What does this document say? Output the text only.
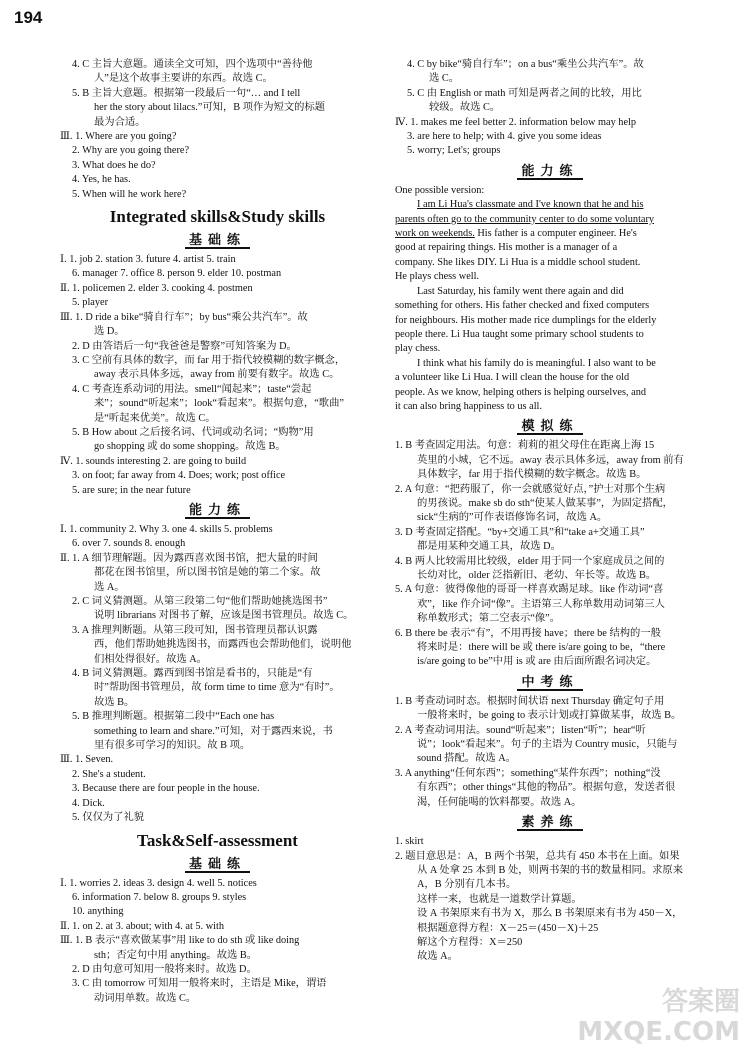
194
4. C 主旨大意题。通读全文可知，四个选项中“善待他
人”是这个故事主要讲的东西。故选 C。
5. B 主旨大意题。根据第一段最后一句“… and I tell
her the story about lilacs.”可知，B 项作为短文的标题
最为合适。
Ⅲ. 1. Where are you going?
2. Why are you going there?
3. What does he do?
4. Yes, he has.
5. When will he work here?
Integrated skills&Study skills
基础练
Ⅰ. 1. job 2. station 3. future 4. artist 5. train
6. manager 7. office 8. person 9. elder 10. postman
Ⅱ. 1. policemen 2. elder 3. cooking 4. postmen
5. player
Ⅲ. 1. D ride a bike“骑自行车”；by bus“乘公共汽车”。故
选 D。
2. D 由答语后一句“我爸爸是警察”可知答案为 D。
3. C 空前有具体的数字，而 far 用于指代较模糊的数字概念，
away 表示具体多远，away from 前要有数字。故选 C。
4. C 考查连系动词的用法。smell“闻起来”；taste“尝起
来”；sound“听起来”；look“看起来”。根据句意，“歌曲”
是“听起来优美”。故选 C。
5. B How about 之后接名词、代词或动名词；“购物”用
go shopping 或 do some shopping。故选 B。
Ⅳ. 1. sounds interesting 2. are going to build
3. on foot; far away from 4. Does; work; post office
5. are sure; in the near future
能力练
Ⅰ. 1. community 2. Why 3. one 4. skills 5. problems
6. over 7. sounds 8. enough
Ⅱ. 1. A 细节理解题。因为露西喜欢图书馆，把大量的时间
都花在图书馆里，所以图书馆是她的第二个家。故
选 A。
2. C 词义猜测题。从第三段第二句“他们帮助她挑选图书”
说明 librarians 对图书了解，应该是图书管理员。故选 C。
3. A 推理判断题。从第三段可知，图书管理员都认识露
西，他们帮助她挑选图书，而露西也会帮助他们，说明他
们相处得很好。故选 A。
4. B 词义猜测题。露西到图书馆是看书的，只能是“有
时”帮助图书管理员，故 form time to time 意为“有时”。
故选 B。
5. B 推理判断题。根据第二段中“Each one has
something to learn and share.”可知，对于露西来说，书
里有很多可学习的知识。故 B 项。
Ⅲ. 1. Seven.
2. She's a student.
3. Because there are four people in the house.
4. Dick.
5. 仅仅为了礼貌
Task&Self-assessment
基础练
Ⅰ. 1. worries 2. ideas 3. design 4. well 5. notices
6. information 7. below 8. groups 9. styles
10. anything
Ⅱ. 1. on 2. at 3. about; with 4. at 5. with
Ⅲ. 1. B 表示“喜欢做某事”用 like to do sth 或 like doing
sth；否定句中用 anything。故选 B。
2. D 由句意可知用一般将来时。故选 D。
3. C 由 tomorrow 可知用一般将来时，主语是 Mike，谓语
动词用单数。故选 C。
4. C by bike“骑自行车”；on a bus“乘坐公共汽车”。故
选 C。
5. C 由 English or math 可知是两者之间的比较，用比
较级。故选 C。
Ⅳ. 1. makes me feel better 2. information below may help
3. are here to help; with 4. give you some ideas
5. worry; Let's; groups
能力练
One possible version:
I am Li Hua's classmate and I've known that he and his
parents often go to the community center to do some voluntary
work on weekends. His father is a computer engineer. He's
good at repairing things. His mother is a manager of a
company. She likes DIY. Li Hua is a middle school student.
He plays chess well.
Last Saturday, his family went there again and did
something for others. His father checked and fixed computers
for neighbours. His mother made rice dumplings for the elderly
people there. Li Hua taught some primary school students to
play chess.
I think what his family do is meaningful. I also want to be
a volunteer like Li Hua. I will clean the house for the old
people. As we know, helping others is helping ourselves, and
it can also bring happiness to us all.
模拟练
1. B 考查固定用法。句意：莉莉的祖父母住在距离上海 15
英里的小城，它不远。away 表示具体多远，away from 前有
具体数字，far 用于指代模糊的数字概念。故选 B。
2. A 句意：“把药服了，你一会就感觉好点，”护士对那个生病
的男孩说。make sb do sth“使某人做某事”，为固定搭配，
sick“生病的”可作表语修饰名词，故选 A。
3. D 考查固定搭配。“by+交通工具”和“take a+交通工具”
都是用某种交通工具，故选 D。
4. B 两人比较需用比较级，elder 用于同一个家庭成员之间的
长幼对比，older 泛指新旧、老幼、年长等。故选 B。
5. A 句意：彼得像他的哥哥一样喜欢踢足球。like 作动词“喜
欢”，like 作介词“像”。主语第三人称单数用动词第三人
称单数形式；第二空表示“像”。
6. B there be 表示“有”，不用再接 have；there be 结构的一般
将来时是：there will be 或 there is/are going to be，“there
is/are going to be”中用 is 或 are 由后面所跟名词决定。
中考练
1. B 考查动词时态。根据时间状语 next Thursday 确定句子用
一般将来时，be going to 表示计划或打算做某事，故选 B。
2. A 考查动词用法。sound“听起来”；listen“听”；hear“听
说”；look“看起来”。句子的主语为 Country music，只能与
sound 搭配。故选 A。
3. A anything“任何东西”；something“某件东西”；nothing“没
有东西”；other things“其他的物品”。根据句意，发送者很
渴，任何能喝的饮料都要。故选 A。
素养练
1. skirt
2. 题目意思是：A，B 两个书架，总共有 450 本书在上面。如果
从 A 处拿 25 本到 B 处，则两书架的书的数量相同。求原来
A，B 分别有几本书。
这样一来，也就是一道数学计算题。
设 A 书架原来有书为 X，那么 B 书架原来有书为 450－X，
根据题意得方程：X－25＝(450－X)＋25
解这个方程得：X＝250
故选 A。
答案圈
MXQE.COM
